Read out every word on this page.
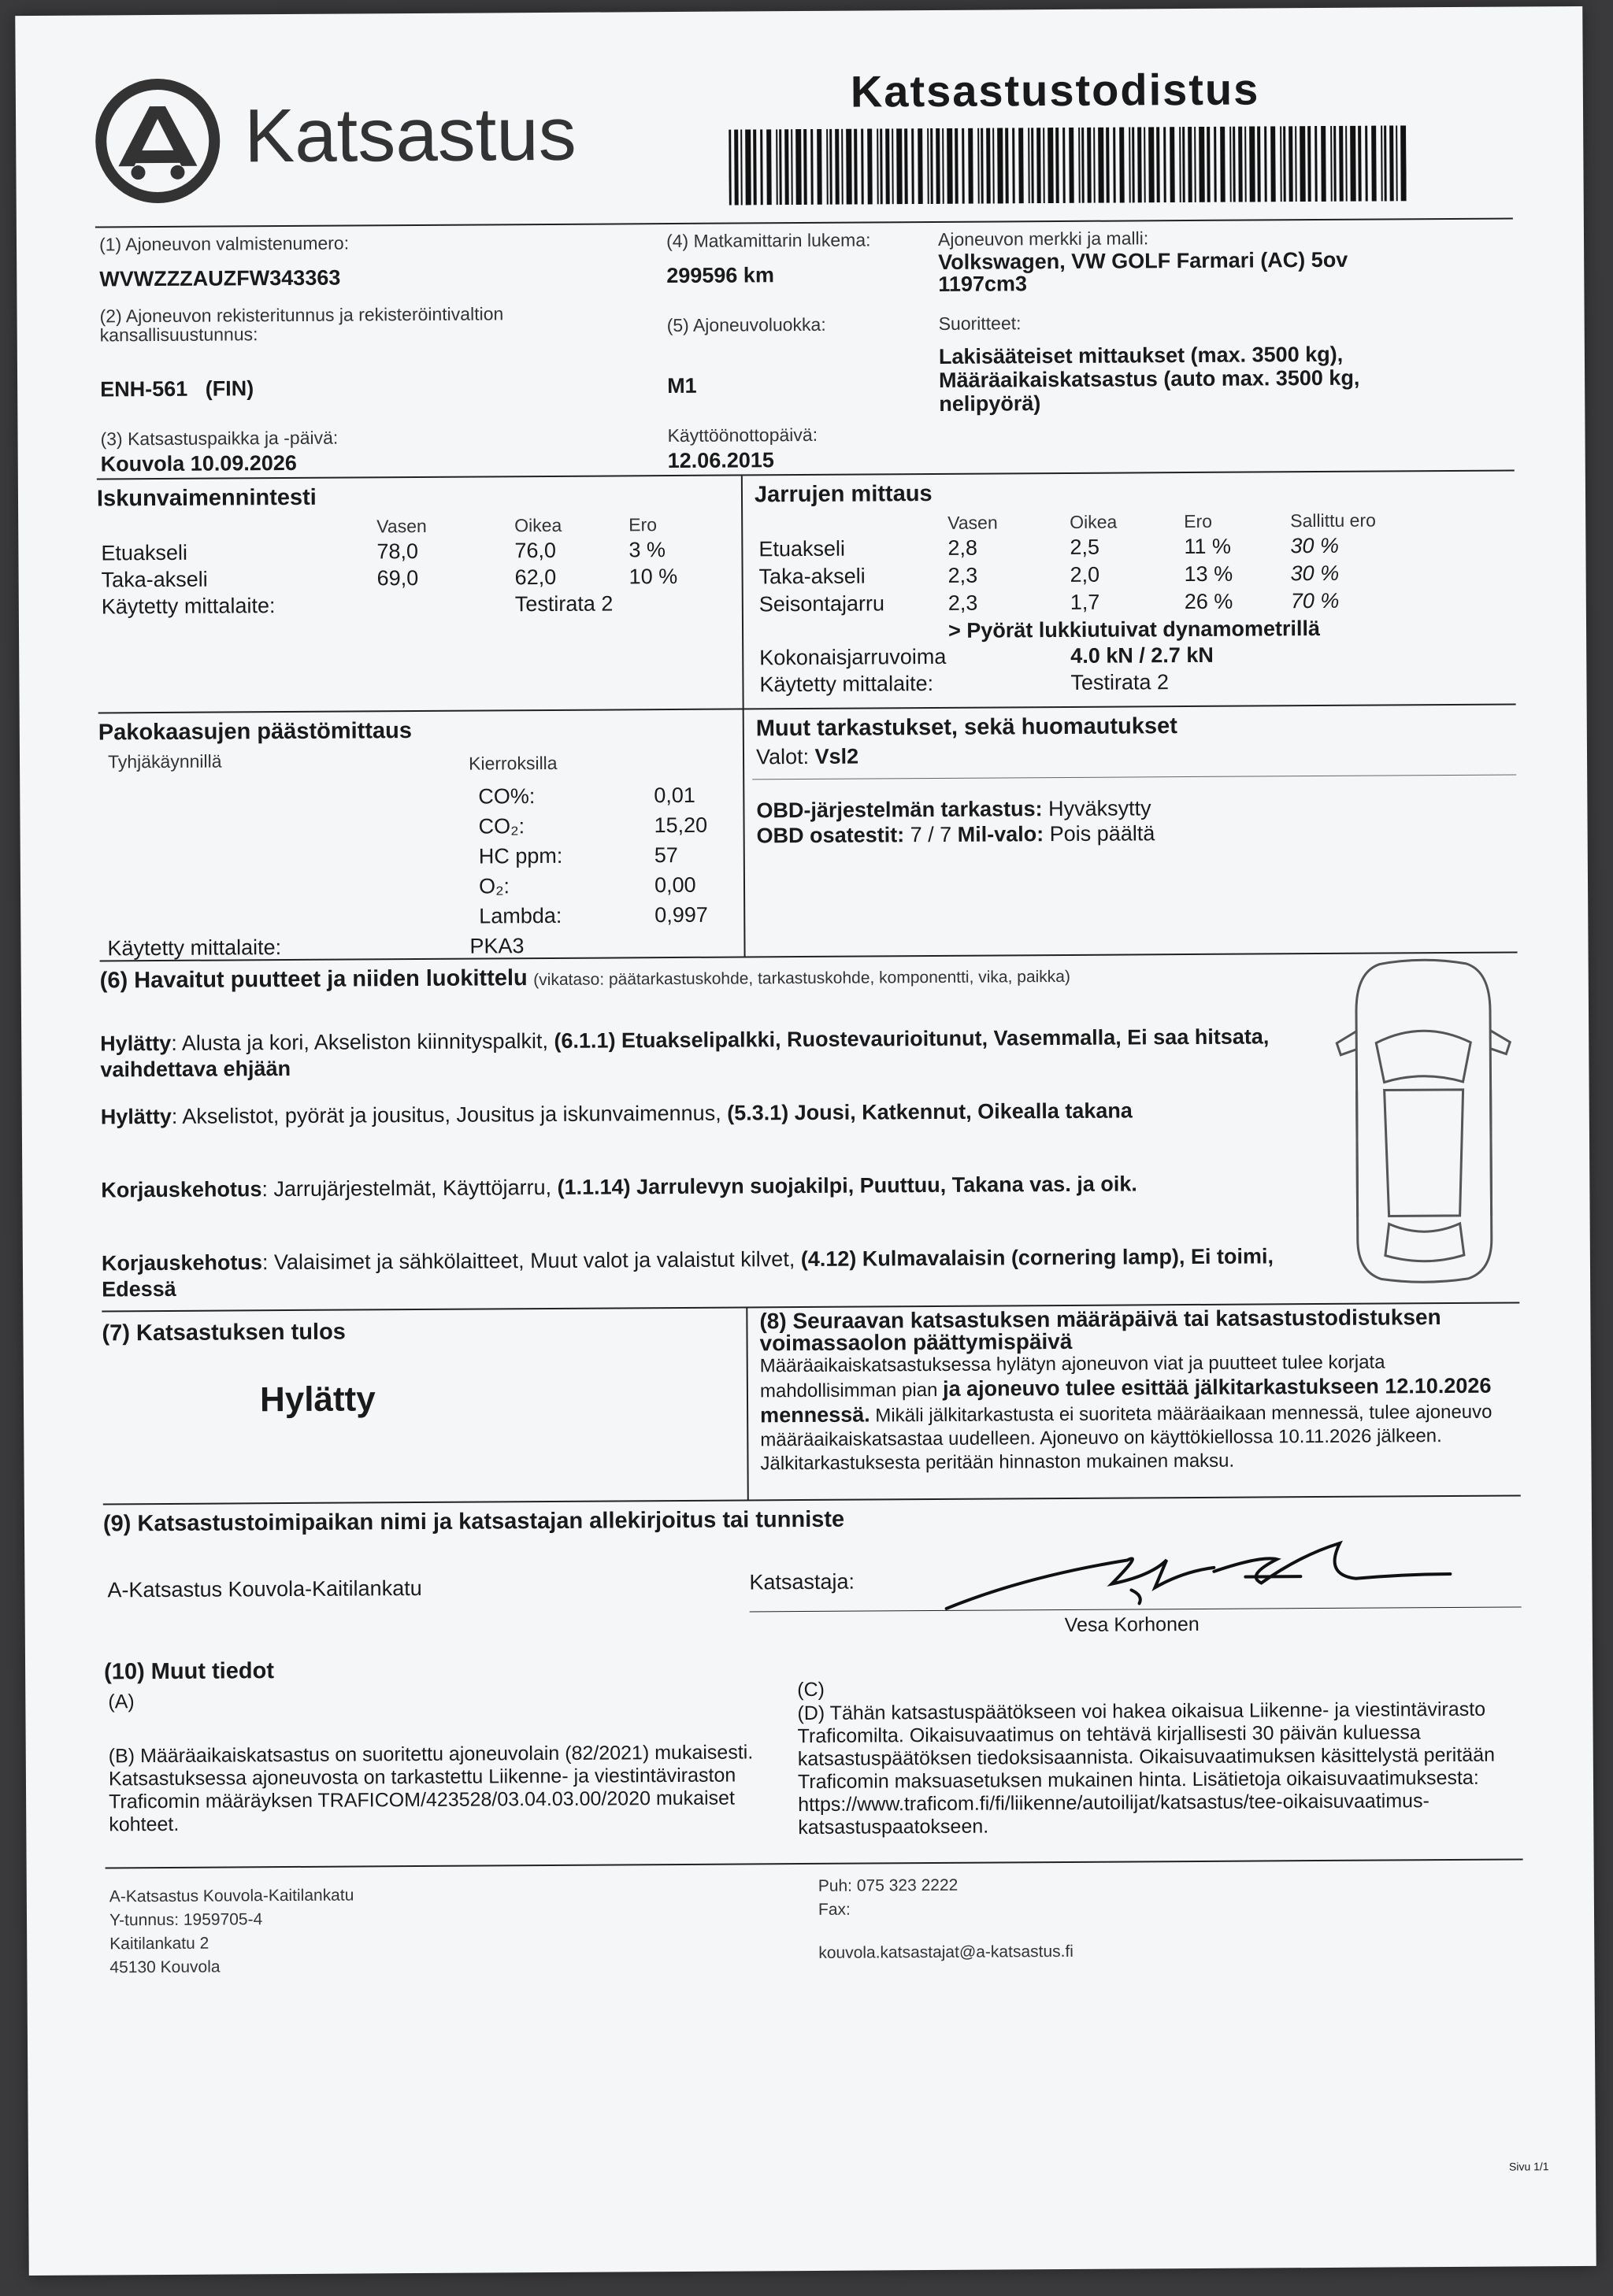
Katsastus
Katsastustodistus
(1) Ajoneuvon valmistenumero:
WVWZZZAUZFW343363
(2) Ajoneuvon rekisteritunnus ja rekisteröintivaltion kansallisuustunnus:
ENH-561   (FIN)
(3) Katsastuspaikka ja -päivä:
Kouvola 10.09.2026
(4) Matkamittarin lukema:
299596 km
(5) Ajoneuvoluokka:
M1
Käyttöönottopäivä:
12.06.2015
Ajoneuvon merkki ja malli:
Volkswagen, VW GOLF Farmari (AC) 5ov 1197cm3
Suoritteet:
Lakisääteiset mittaukset (max. 3500 kg), Määräaikaiskatsastus (auto max. 3500 kg, nelipyörä)
Iskunvaimennintesti
Vasen	Oikea	Ero
Etuakseli	78,0	76,0	3 %
Taka-akseli	69,0	62,0	10 %
Käytetty mittalaite:	Testirata 2
Jarrujen mittaus
Vasen	Oikea	Ero	Sallittu ero
Etuakseli	2,8	2,5	11 %	30 %
Taka-akseli	2,3	2,0	13 %	30 %
Seisontajarru	2,3	1,7	26 %	70 %
> Pyörät lukkiutuivat dynamometrillä
Kokonaisjarruvoima	4.0 kN / 2.7 kN
Käytetty mittalaite:	Testirata 2
Pakokaasujen päästömittaus
Tyhjäkäynnillä	Kierroksilla
CO%:	0,01
CO₂:	15,20
HC ppm:	57
O₂:	0,00
Lambda:	0,997
Käytetty mittalaite:	PKA3
Muut tarkastukset, sekä huomautukset
Valot: Vsl2
OBD-järjestelmän tarkastus: Hyväksytty
OBD osatestit: 7 / 7 Mil-valo: Pois päältä
(6) Havaitut puutteet ja niiden luokittelu (vikataso: päätarkastuskohde, tarkastuskohde, komponentti, vika, paikka)
Hylätty: Alusta ja kori, Akseliston kiinnityspalkit, (6.1.1) Etuakselipalkki, Ruostevaurioitunut, Vasemmalla, Ei saa hitsata, vaihdettava ehjään
Hylätty: Akselistot, pyörät ja jousitus, Jousitus ja iskunvaimennus, (5.3.1) Jousi, Katkennut, Oikealla takana
Korjauskehotus: Jarrujärjestelmät, Käyttöjarru, (1.1.14) Jarrulevyn suojakilpi, Puuttuu, Takana vas. ja oik.
Korjauskehotus: Valaisimet ja sähkölaitteet, Muut valot ja valaistut kilvet, (4.12) Kulmavalaisin (cornering lamp), Ei toimi, Edessä
(7) Katsastuksen tulos
Hylätty
(8) Seuraavan katsastuksen määräpäivä tai katsastustodistuksen voimassaolon päättymispäivä
Määräaikaiskatsastuksessa hylätyn ajoneuvon viat ja puutteet tulee korjata mahdollisimman pian ja ajoneuvo tulee esittää jälkitarkastukseen 12.10.2026 mennessä. Mikäli jälkitarkastusta ei suoriteta määräaikaan mennessä, tulee ajoneuvo määräaikaiskatsastaa uudelleen. Ajoneuvo on käyttökiellossa 10.11.2026 jälkeen. Jälkitarkastuksesta peritään hinnaston mukainen maksu.
(9) Katsastustoimipaikan nimi ja katsastajan allekirjoitus tai tunniste
A-Katsastus Kouvola-Kaitilankatu	Katsastaja:
Vesa Korhonen
(10) Muut tiedot
(A)
(B) Määräaikaiskatsastus on suoritettu ajoneuvolain (82/2021) mukaisesti. Katsastuksessa ajoneuvosta on tarkastettu Liikenne- ja viestintäviraston Traficomin määräyksen TRAFICOM/423528/03.04.03.00/2020 mukaiset kohteet.
(C)
(D) Tähän katsastuspäätökseen voi hakea oikaisua Liikenne- ja viestintävirasto Traficomilta. Oikaisuvaatimus on tehtävä kirjallisesti 30 päivän kuluessa katsastuspäätöksen tiedoksisaannista. Oikaisuvaatimuksen käsittelystä peritään Traficomin maksuasetuksen mukainen hinta. Lisätietoja oikaisuvaatimuksesta: https://www.traficom.fi/fi/liikenne/autoilijat/katsastus/tee-oikaisuvaatimus-katsastuspaatokseen.
A-Katsastus Kouvola-Kaitilankatu
Y-tunnus: 1959705-4
Kaitilankatu 2
45130 Kouvola
Puh: 075 323 2222
Fax:
kouvola.katsastajat@a-katsastus.fi
Sivu 1/1
